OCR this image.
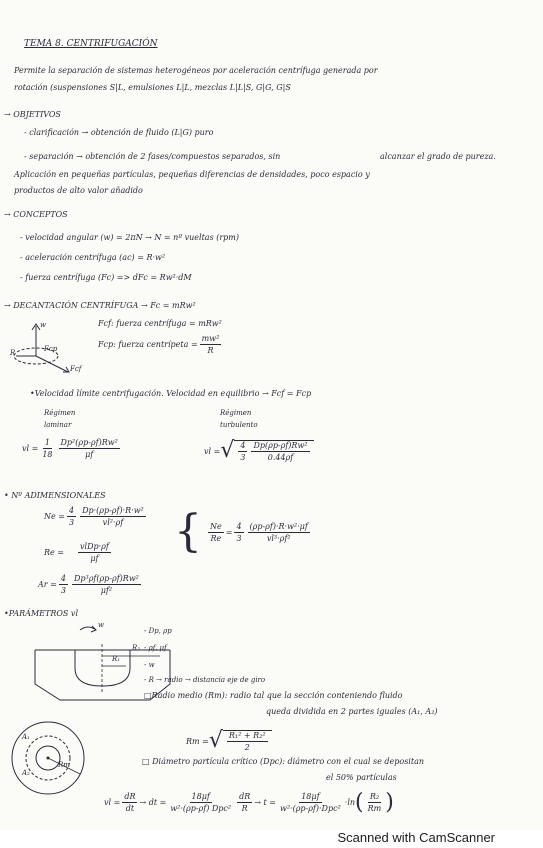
TEMA 8. CENTRIFUGACIÓN
Permite la separación de sistemas heterogéneos por aceleración centrífuga generada por
rotación (suspensiones S|L, emulsiones L|L, mezclas L|L|S, G|G, G|S
→ OBJETIVOS
- clarificación → obtención de fluido (L|G) puro
- separación → obtención de 2 fases/compuestos separados, sin	alcanzar el grado de pureza.
Aplicación en pequeñas partículas, pequeñas diferencias de densidades, poco espacio y
productos de alto valor añadido
→ CONCEPTOS
- velocidad angular (w) = 2πN → N = nº vueltas (rpm)
- aceleración centrífuga (ac) = R·w²
- fuerza centrífuga (Fc) => dFc = Rw²·dM
→ DECANTACIÓN CENTRÍFUGA → Fc = mRw²
Fcf: fuerza centrífuga = mRw²
Fcp: fuerza centrípeta = $\frac{\text{mw²}}{R}$
w
Fcp
R
Fcf
•Velocidad límite centrifugación. Velocidad en equilibrio → Fcf = Fcp
Régimen
laminar
Régimen
turbulento
vl = $\frac{1}{18} \frac{\text{Dp²(ρp-ρf)Rw²}}{\mu f}$	vl = √ $\frac{4}{3} \frac{\text{Dp(ρp-ρf)Rw²}}{0.44\rho f}$
• Nº ADIMENSIONALES
$Ne = \frac{4}{3} \frac{\text{Dp·(ρp-ρf)·R·w²}}{\text{vl²·ρf}}$
$Re = \frac{\text{vlDp·ρf}}{\mu f}$
$Ar = \frac{4}{3} \frac{\text{Dp³ρf(ρp-ρf)Rw²}}{\text{μf²}}$
{ $\frac{Ne}{Re} = \frac{4}{3} \frac{\text{(ρp-ρf)·R·w²·μf}}{\text{vl³·ρf²}}$
•PARÁMETROS vl
w
R₂
R₁
- Dp, ρp
- ρf, μf
- w
- R → radio → distancia eje de giro
□Radio medio (Rm): radio tal que la sección conteniendo fluido
queda dividida en 2 partes iguales (A₁, A₂)
A₁
A₂
Rm
Rm = √ $\frac{\text{R₁² + R₂²}}{2}$
□ Diámetro partícula crítico (Dpc): diámetro con el cual se depositan
el 50% partículas
vl = $\frac{dR}{dt}$ → dt = $\frac{18\mu f}{\text{w²·(ρp-ρf) Dpc²}} \frac{dR}{R} \to t = \frac{18\mu f}{\text{w²·(ρp-ρf)·Dpc²}} \cdot\ln$ ( $\frac{\text{R₂}}{Rm}$ )
Scanned with CamScanner
